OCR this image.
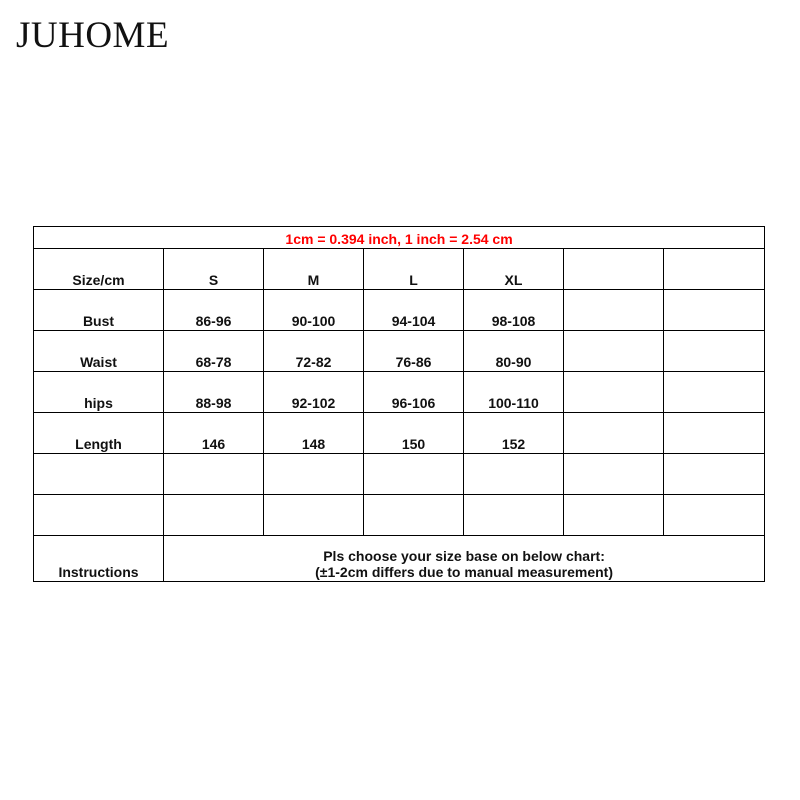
JUHOME
1cm = 0.394 inch, 1 inch = 2.54 cm						
Size/cm	S	M	L	XL		
Bust	86-96	90-100	94-104	98-108		
Waist	68-78	72-82	76-86	80-90		
hips	88-98	92-102	96-106	100-110		
Length	146	148	150	152		

Instructions	Pls choose your size base on below chart:
(±1-2cm differs due to manual measurement)					
